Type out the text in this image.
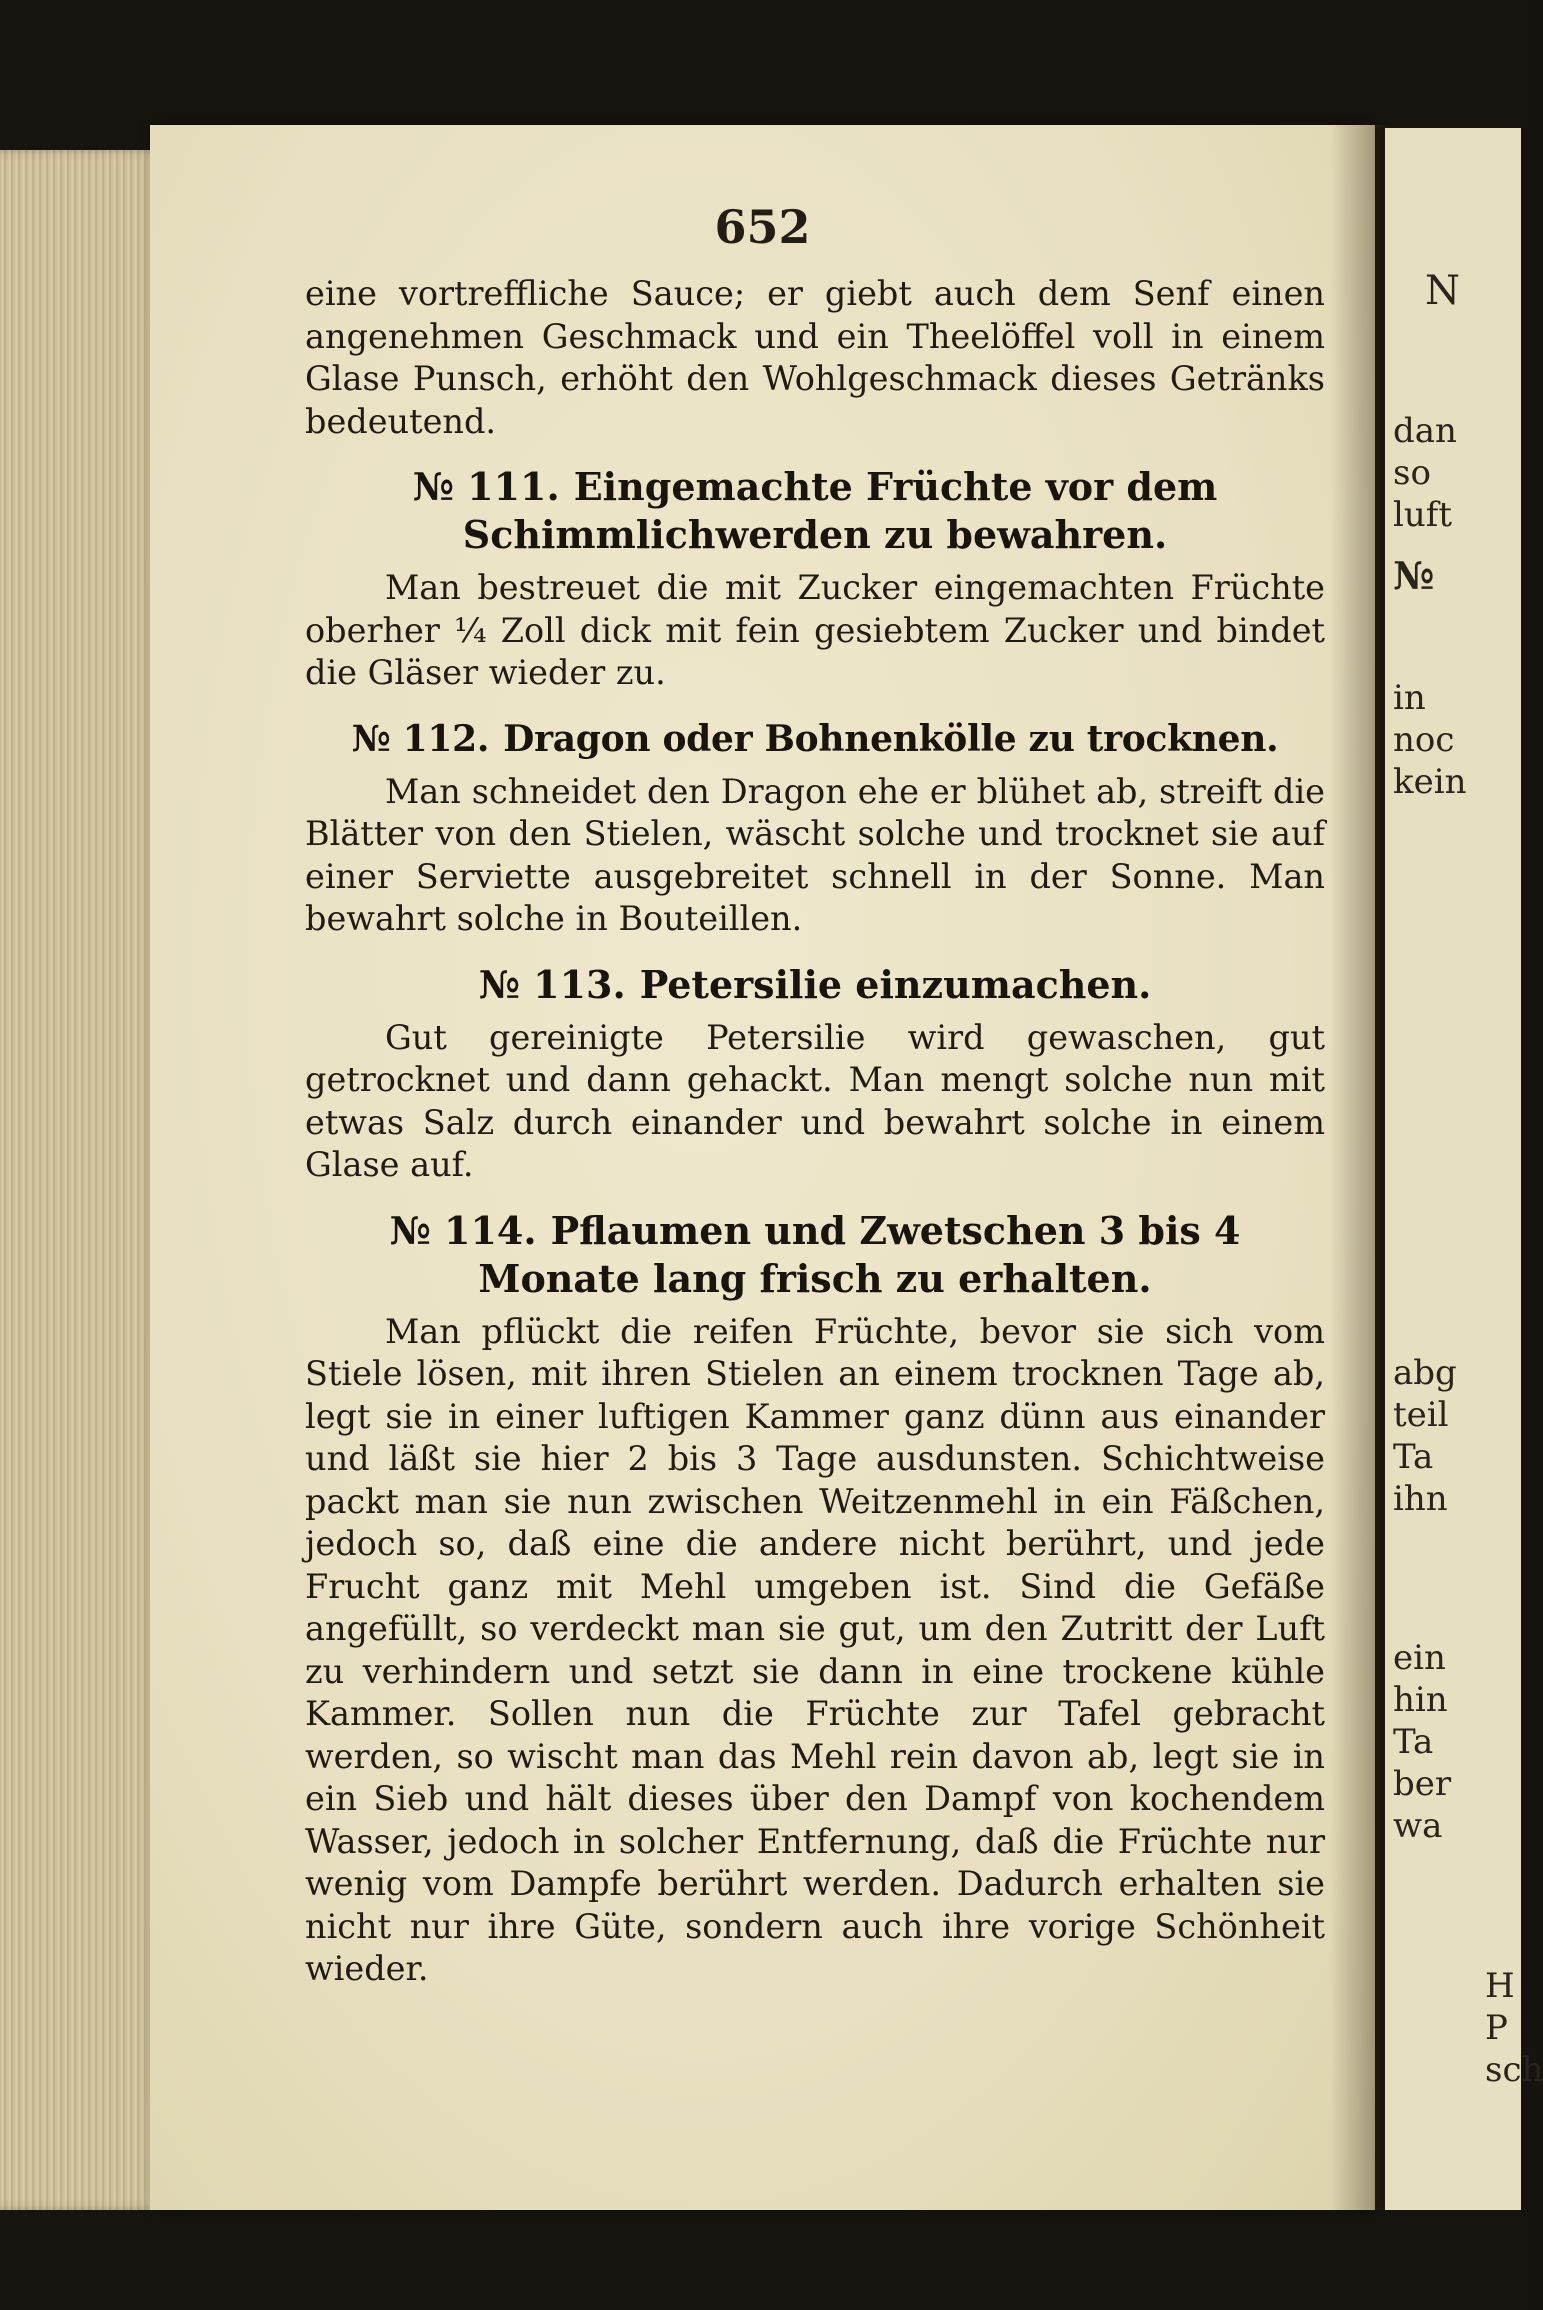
652

eine vortreffliche Sauce; er giebt auch dem Senf einen angenehmen Geschmack und ein Theelöffel voll in einem Glase Punsch, erhöht den Wohlgeschmack dieses Getränks bedeutend.

№ 111. Eingemachte Früchte vor dem Schimmlichwerden zu bewahren.

Man bestreuet die mit Zucker eingemachten Früchte oberher ¼ Zoll dick mit fein gesiebtem Zucker und bindet die Gläser wieder zu.

№ 112. Dragon oder Bohnenkölle zu trocknen.

Man schneidet den Dragon ehe er blühet ab, streift die Blätter von den Stielen, wäscht solche und trocknet sie auf einer Serviette ausgebreitet schnell in der Sonne. Man bewahrt solche in Bouteillen.

№ 113. Petersilie einzumachen.

Gut gereinigte Petersilie wird gewaschen, gut getrocknet und dann gehackt. Man mengt solche nun mit etwas Salz durch einander und bewahrt solche in einem Glase auf.

№ 114. Pflaumen und Zwetschen 3 bis 4 Monate lang frisch zu erhalten.

Man pflückt die reifen Früchte, bevor sie sich vom Stiele lösen, mit ihren Stielen an einem trocknen Tage ab, legt sie in einer luftigen Kammer ganz dünn aus einander und läßt sie hier 2 bis 3 Tage ausdunsten. Schichtweise packt man sie nun zwischen Weitzenmehl in ein Fäßchen, jedoch so, daß eine die andere nicht berührt, und jede Frucht ganz mit Mehl umgeben ist. Sind die Gefäße angefüllt, so verdeckt man sie gut, um den Zutritt der Luft zu verhindern und setzt sie dann in eine trockene kühle Kammer. Sollen nun die Früchte zur Tafel gebracht werden, so wischt man das Mehl rein davon ab, legt sie in ein Sieb und hält dieses über den Dampf von kochendem Wasser, jedoch in solcher Entfernung, daß die Früchte nur wenig vom Dampfe berührt werden. Dadurch erhalten sie nicht nur ihre Güte, sondern auch ihre vorige Schönheit wieder.

N
dan
so
luft
№
in
noc
kein
abg
teil
Ta
ihn
ein
hin
Ta
ber
wa
H
P
sch
